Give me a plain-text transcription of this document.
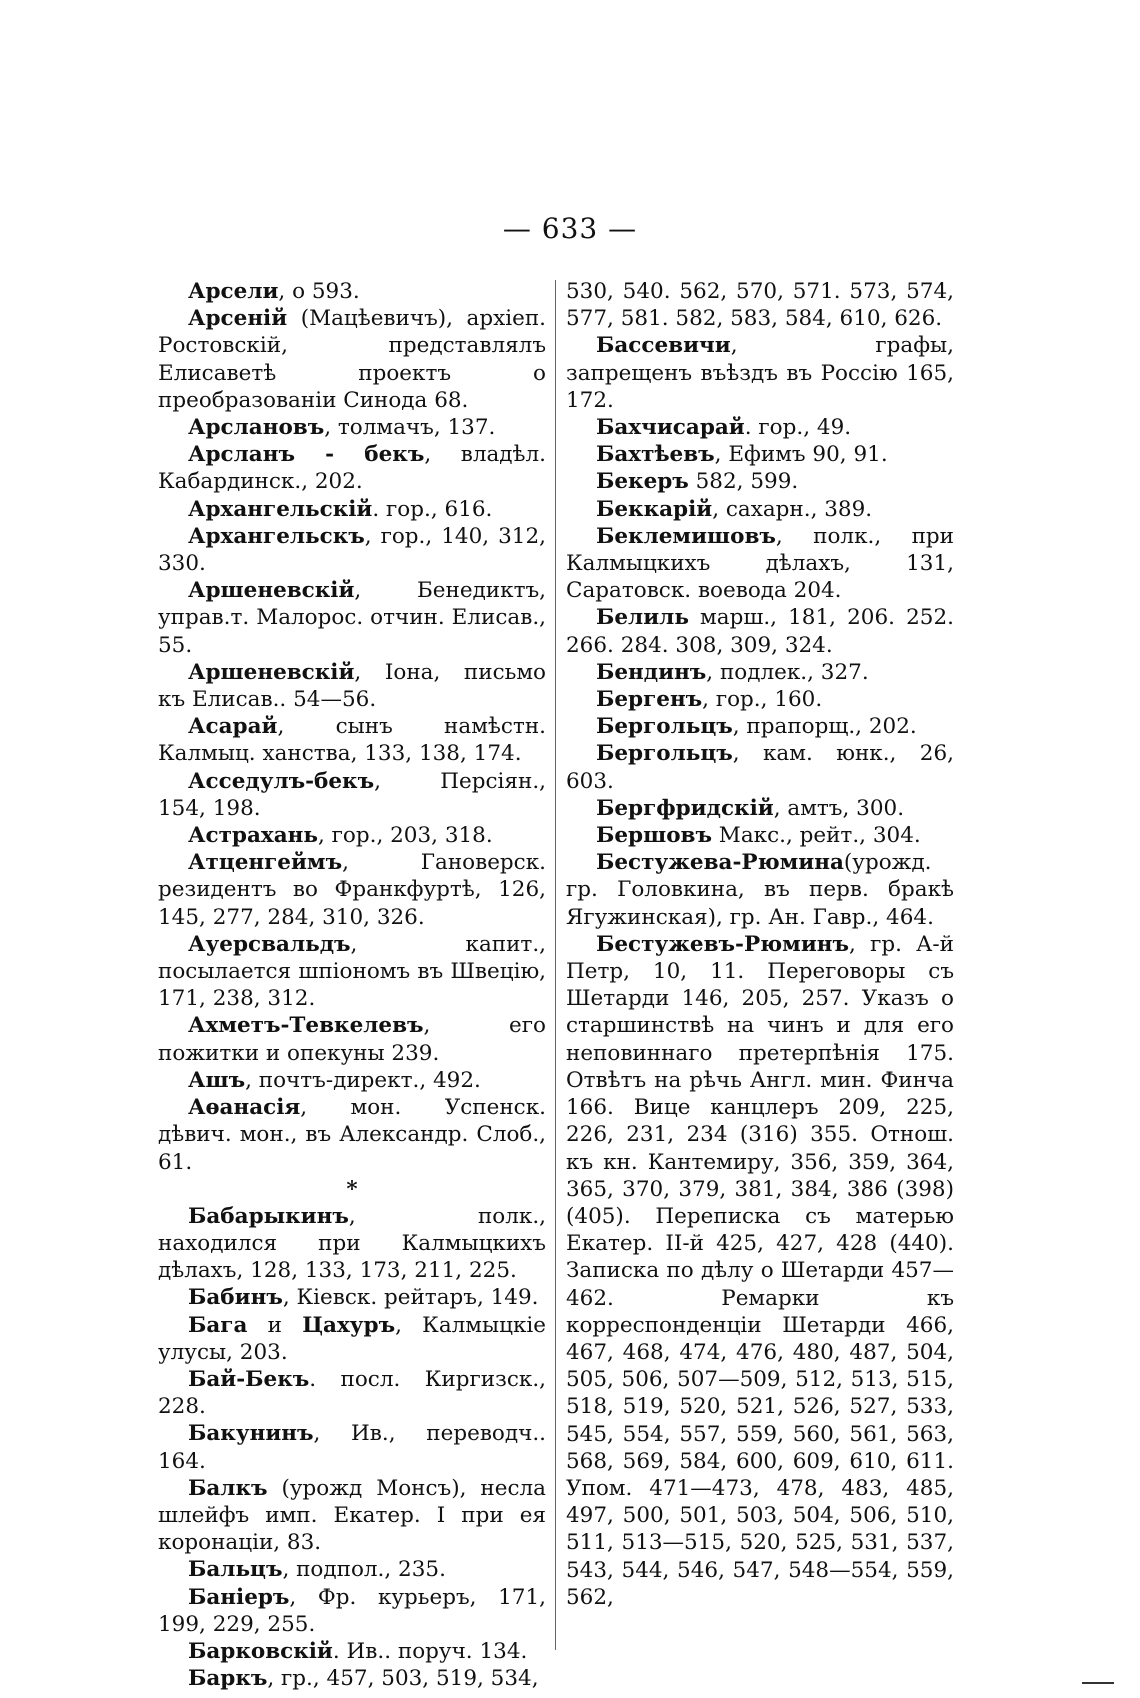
— 633 —

Арсели, о 593.

Арсеній (Мацѣевичъ), архіеп. Ростовскій, представлялъ Елисаветѣ проектъ о преобразованіи Синода 68.

Арслановъ, толмачъ, 137.

Арсланъ - бекъ, владѣл. Кабардинск., 202.

Архангельскій. гор., 616.

Архангельскъ, гор., 140, 312, 330.

Аршеневскій, Бенедиктъ, управ.т. Малорос. отчин. Елисав., 55.

Аршеневскій, Іона, письмо къ Елисав.. 54—56.

Асарай, сынъ намѣстн. Калмыц. ханства, 133, 138, 174.

Асседулъ-бекъ, Персіян., 154, 198.

Астрахань, гор., 203, 318.

Атценгеймъ, Гановерск. резидентъ во Франкфуртѣ, 126, 145, 277, 284, 310, 326.

Ауерсвальдъ, капит., посылается шпіономъ въ Швецію, 171, 238, 312.

Ахметъ-Тевкелевъ, его пожитки и опекуны 239.

Ашъ, почтъ-директ., 492.

Аѳанасія, мон. Успенск. дѣвич. мон., въ Александр. Слоб., 61.

*

Бабарыкинъ, полк., находился при Калмыцкихъ дѣлахъ, 128, 133, 173, 211, 225.

Бабинъ, Кіевск. рейтаръ, 149.

Бага и Цахуръ, Калмыцкіе улусы, 203.

Бай-Бекъ. посл. Киргизск., 228.

Бакунинъ, Ив., переводч.. 164.

Балкъ (урожд Монсъ), несла шлейфъ имп. Екатер. I при ея коронаціи, 83.

Бальцъ, подпол., 235.

Баніеръ, Фр. курьеръ, 171, 199, 229, 255.

Барковскій. Ив.. поруч. 134.

Баркъ, гр., 457, 503, 519, 534,

530, 540. 562, 570, 571. 573, 574, 577, 581. 582, 583, 584, 610, 626.

Бассевичи, графы, запрещенъ въѣздъ въ Россію 165, 172.

Бахчисарай. гор., 49.

Бахтѣевъ, Ефимъ 90, 91.

Бекеръ 582, 599.

Беккарій, сахарн., 389.

Беклемишовъ, полк., при Калмыцкихъ дѣлахъ, 131, Саратовск. воевода 204.

Белиль марш., 181, 206. 252. 266. 284. 308, 309, 324.

Бендинъ, подлек., 327.

Бергенъ, гор., 160.

Бергольцъ, прапорщ., 202.

Бергольцъ, кам. юнк., 26, 603.

Бергфридскій, амтъ, 300.

Бершовъ Макс., рейт., 304.

Бестужева-Рюмина(урожд. гр. Головкина, въ перв. бракѣ Ягужинская), гр. Ан. Гавр., 464.

Бестужевъ-Рюминъ, гр. А-й Петр, 10, 11. Переговоры съ Шетарди 146, 205, 257. Указъ о старшинствѣ на чинъ и для его неповиннаго претерпѣнія 175. Отвѣтъ на рѣчь Англ. мин. Финча 166. Вице канцлеръ 209, 225, 226, 231, 234 (316) 355. Отнош. къ кн. Кантемиру, 356, 359, 364, 365, 370, 379, 381, 384, 386 (398) (405). Переписка съ матерью Екатер. II-й 425, 427, 428 (440). Записка по дѣлу о Шетарди 457—462. Ремарки къ корреспонденціи Шетарди 466, 467, 468, 474, 476, 480, 487, 504, 505, 506, 507—509, 512, 513, 515, 518, 519, 520, 521, 526, 527, 533, 545, 554, 557, 559, 560, 561, 563, 568, 569, 584, 600, 609, 610, 611. Упом. 471—473, 478, 483, 485, 497, 500, 501, 503, 504, 506, 510, 511, 513—515, 520, 525, 531, 537, 543, 544, 546, 547, 548—554, 559, 562,
